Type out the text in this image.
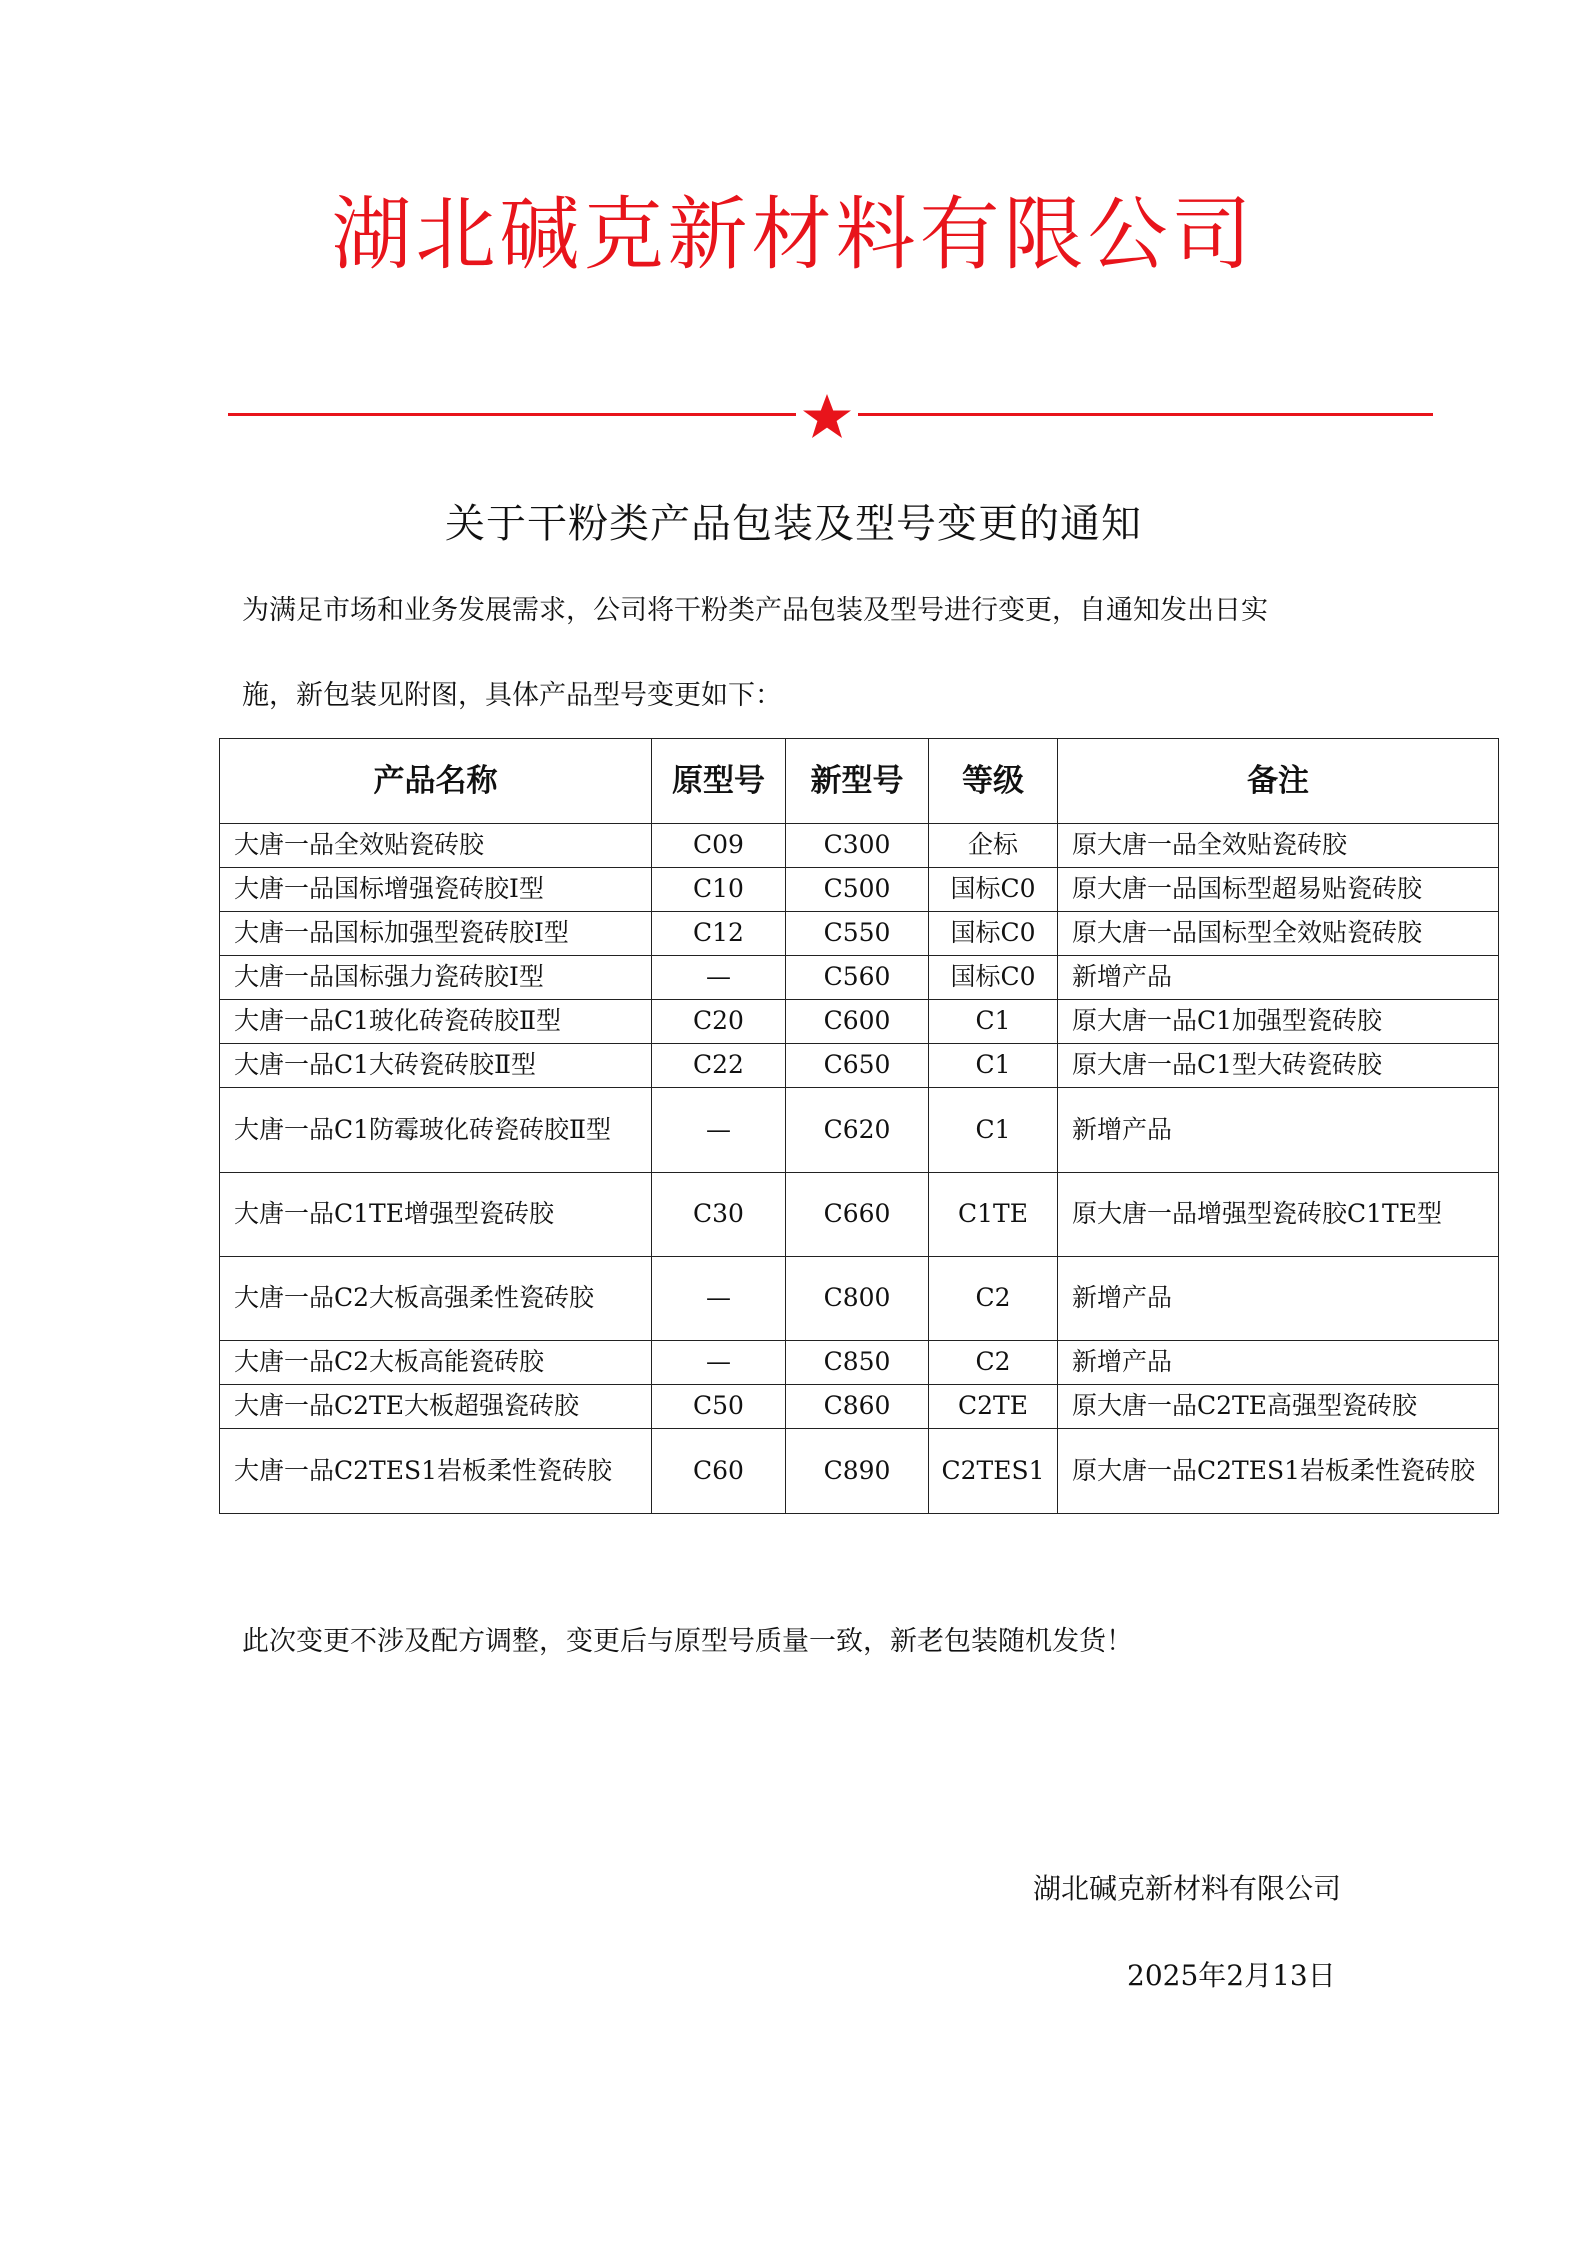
湖北碱克新材料有限公司
关于干粉类产品包装及型号变更的通知
为满足市场和业务发展需求，公司将干粉类产品包装及型号进行变更，自通知发出日实
施，新包装见附图，具体产品型号变更如下：
产品名称	原型号	新型号	等级	备注
大唐一品全效贴瓷砖胶	C09	C300	企标	原大唐一品全效贴瓷砖胶
大唐一品国标增强瓷砖胶Ⅰ型	C10	C500	国标C0	原大唐一品国标型超易贴瓷砖胶
大唐一品国标加强型瓷砖胶Ⅰ型	C12	C550	国标C0	原大唐一品国标型全效贴瓷砖胶
大唐一品国标强力瓷砖胶Ⅰ型	—	C560	国标C0	新增产品
大唐一品C1玻化砖瓷砖胶Ⅱ型	C20	C600	C1	原大唐一品C1加强型瓷砖胶
大唐一品C1大砖瓷砖胶Ⅱ型	C22	C650	C1	原大唐一品C1型大砖瓷砖胶
大唐一品C1防霉玻化砖瓷砖胶Ⅱ型	—	C620	C1	新增产品
大唐一品C1TE增强型瓷砖胶	C30	C660	C1TE	原大唐一品增强型瓷砖胶C1TE型
大唐一品C2大板高强柔性瓷砖胶	—	C800	C2	新增产品
大唐一品C2大板高能瓷砖胶	—	C850	C2	新增产品
大唐一品C2TE大板超强瓷砖胶	C50	C860	C2TE	原大唐一品C2TE高强型瓷砖胶
大唐一品C2TES1岩板柔性瓷砖胶	C60	C890	C2TES1	原大唐一品C2TES1岩板柔性瓷砖胶
此次变更不涉及配方调整，变更后与原型号质量一致，新老包装随机发货！
湖北碱克新材料有限公司
2025年2月13日
